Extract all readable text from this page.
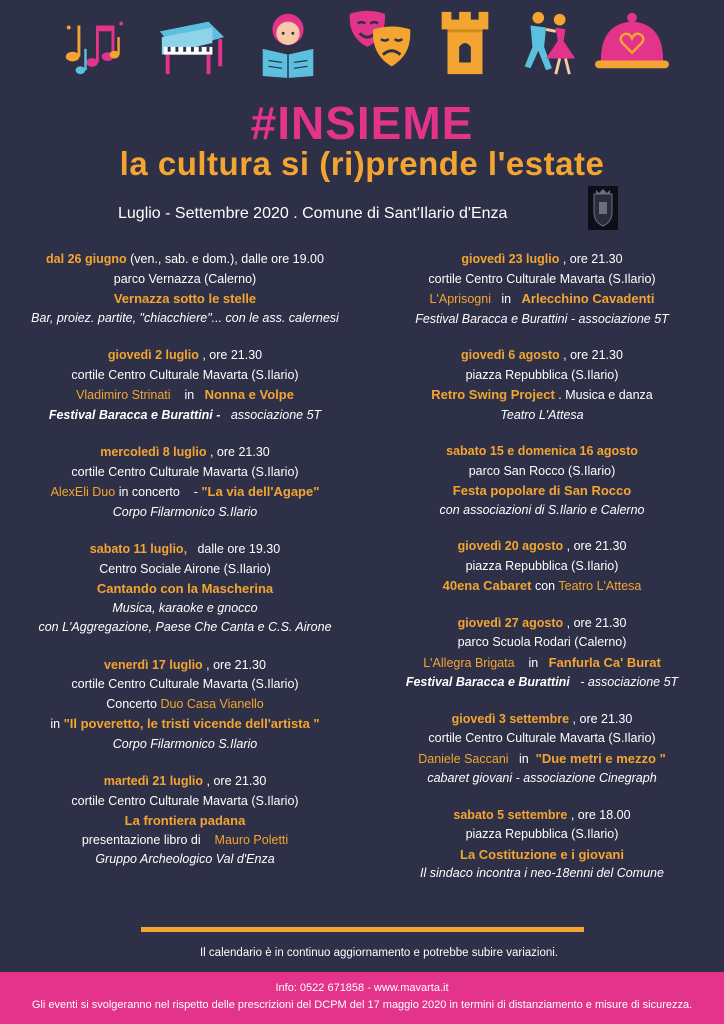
#INSIEME
la cultura si (ri)prende l'estate
Luglio - Settembre 2020 . Comune di Sant'Ilario d'Enza
dal 26 giugno (ven., sab. e dom.), dalle ore 19.00
parco Vernazza (Calerno)
Vernazza sotto le stelle
Bar, proiez. partite, "chiacchiere"... con le ass. calernesi
giovedì 2 luglio , ore 21.30
cortile Centro Culturale Mavarta (S.Ilario)
Vladimiro Strinati in Nonna e Volpe
Festival Baracca e Burattini - associazione 5T
mercoledì 8 luglio , ore 21.30
cortile Centro Culturale Mavarta (S.Ilario)
AlexEli Duo in concerto    - "La via dell'Agape"
Corpo Filarmonico S.Ilario
sabato 11 luglio,   dalle ore 19.30
Centro Sociale Airone (S.Ilario)
Cantando con la Mascherina
Musica, karaoke e gnocco
con L'Aggregazione, Paese Che Canta e C.S. Airone
venerdì 17 luglio , ore 21.30
cortile Centro Culturale Mavarta (S.Ilario)
Concerto Duo Casa Vianello
in "Il poveretto, le tristi vicende dell'artista "
Corpo Filarmonico S.Ilario
martedì 21 luglio , ore 21.30
cortile Centro Culturale Mavarta (S.Ilario)
La frontiera padana
presentazione libro di    Mauro Poletti
Gruppo Archeologico Val d'Enza
giovedì 23 luglio , ore 21.30
cortile Centro Culturale Mavarta (S.Ilario)
L'Aprisogni in Arlecchino Cavadenti
Festival Baracca e Burattini - associazione 5T
giovedì 6 agosto , ore 21.30
piazza Repubblica (S.Ilario)
Retro Swing Project . Musica e danza
Teatro L'Attesa
sabato 15 e domenica 16 agosto
parco San Rocco (S.Ilario)
Festa popolare di San Rocco
con associazioni di S.Ilario e Calerno
giovedì 20 agosto , ore 21.30
piazza Repubblica (S.Ilario)
40ena Cabaret con Teatro L'Attesa
giovedì 27 agosto , ore 21.30
parco Scuola Rodari (Calerno)
L'Allegra Brigata in Fanfurla Ca' Burat
Festival Baracca e Burattini   - associazione 5T
giovedì 3 settembre , ore 21.30
cortile Centro Culturale Mavarta (S.Ilario)
Daniele Saccani in "Due metri e mezzo "
cabaret giovani - associazione Cinegraph
sabato 5 settembre , ore 18.00
piazza Repubblica (S.Ilario)
La Costituzione e i giovani
Il sindaco incontra i neo-18enni del Comune
Il calendario è in continuo aggiornamento e potrebbe subire variazioni.
Info: 0522 671858 - www.mavarta.it
Gli eventi si svolgeranno nel rispetto delle prescrizioni del DCPM del 17 maggio 2020 in termini di distanziamento e misure di sicurezza.
